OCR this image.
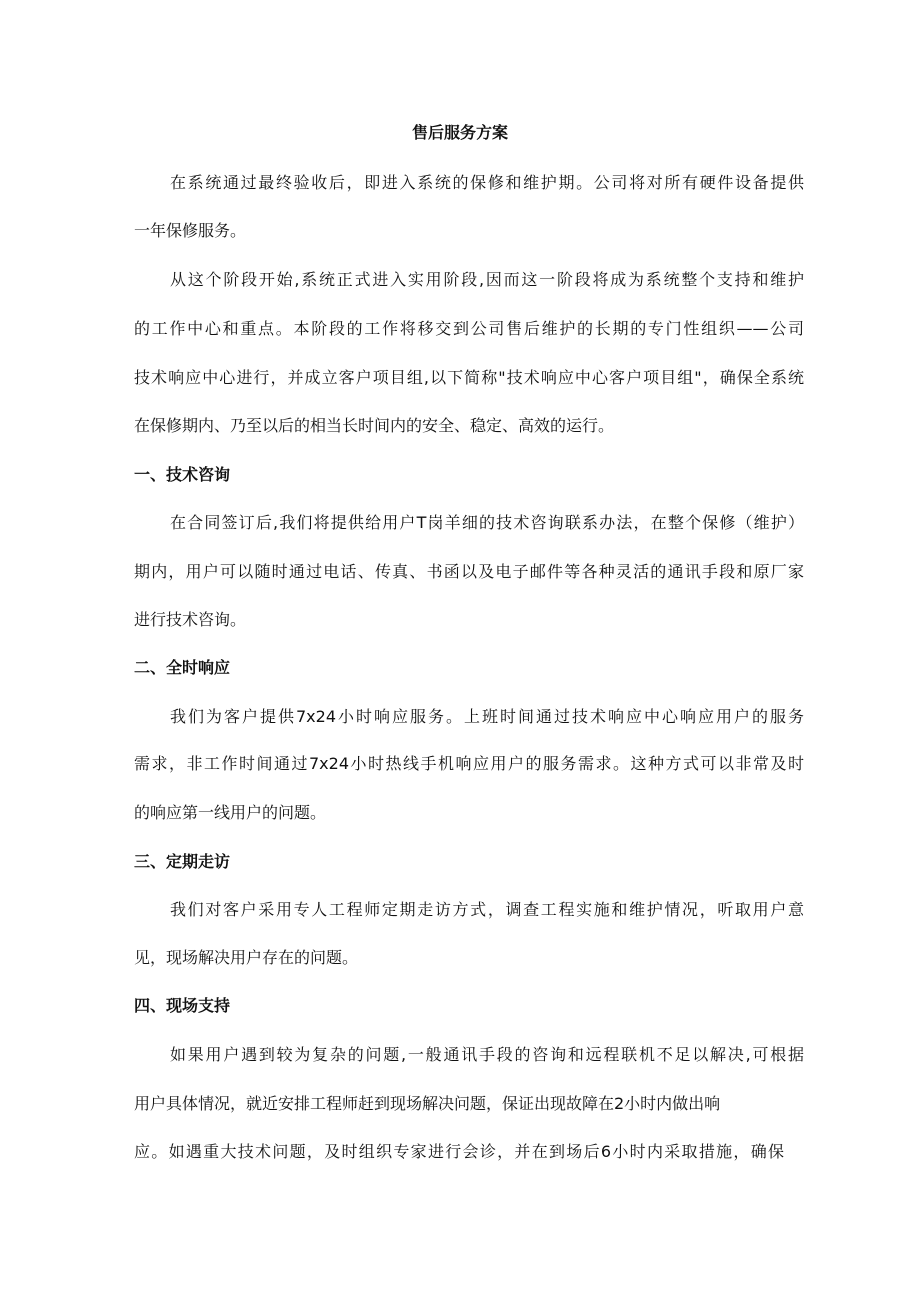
售后服务方案
在系统通过最终验收后，即进入系统的保修和维护期。公司将对所有硬件设备提供
一年保修服务。
从这个阶段开始,系统正式进入实用阶段,因而这一阶段将成为系统整个支持和维护
的工作中心和重点。本阶段的工作将移交到公司售后维护的长期的专门性组织——公司
技术响应中心进行，并成立客户项目组,以下简称"技术响应中心客户项目组"，确保全系统
在保修期内、乃至以后的相当长时间内的安全、稳定、高效的运行。
一、技术咨询
在合同签订后,我们将提供给用户T岗羊细的技术咨询联系办法，在整个保修（维护）
期内，用户可以随时通过电话、传真、书函以及电子邮件等各种灵活的通讯手段和原厂家
进行技术咨询。
二、全时响应
我们为客户提供7x24小时响应服务。上班时间通过技术响应中心响应用户的服务
需求，非工作时间通过7x24小时热线手机响应用户的服务需求。这种方式可以非常及时
的响应第一线用户的问题。
三、定期走访
我们对客户采用专人工程师定期走访方式，调查工程实施和维护情况，听取用户意
见，现场解决用户存在的问题。
四、现场支持
如果用户遇到较为复杂的问题,一般通讯手段的咨询和远程联机不足以解决,可根据
用户具体情况，就近安排工程师赶到现场解决问题，保证出现故障在2小时内做出响
应。如遇重大技术问题，及时组织专家进行会诊，并在到场后6小时内采取措施，确保
